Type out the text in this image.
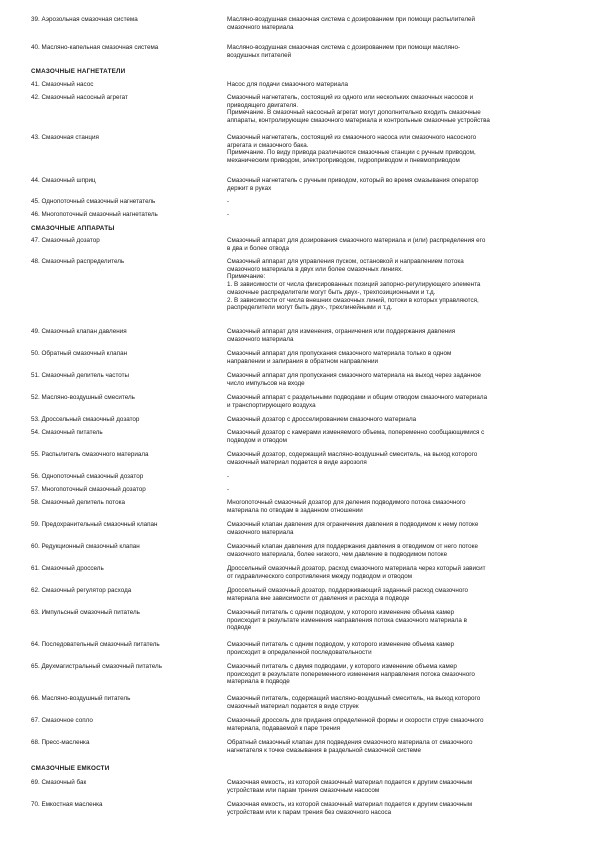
39. Аэрозольная смазочная система	Масляно-воздушная смазочная система с дозированием при помощи распылителей
смазочного материала
40. Масляно-капельная смазочная система	Масляно-воздушная смазочная система с дозированием при помощи масляно-
воздушных питателей
СМАЗОЧНЫЕ НАГНЕТАТЕЛИ
41. Смазочный насос	Насос для подачи смазочного материала
42. Смазочный насосный агрегат	Смазочный нагнетатель, состоящий из одного или нескольких смазочных насосов и
приводящего двигателя.
Примечание. В смазочный насосный агрегат могут дополнительно входить смазочные
аппараты, контролирующие смазочного материала и контрольные смазочные устройства
43. Смазочная станция	Смазочный нагнетатель, состоящий из смазочного насоса или смазочного насосного
агрегата и смазочного бака.
Примечание. По виду привода различаются смазочные станции с ручным приводом,
механическим приводом, электроприводом, гидроприводом и пневмоприводом
44. Смазочный шприц	Смазочный нагнетатель с ручным приводом, который во время смазывания оператор
держит в руках
45. Однопоточный смазочный нагнетатель	-
46. Многопоточный смазочный нагнетатель	-
СМАЗОЧНЫЕ АППАРАТЫ
47. Смазочный дозатор	Смазочный аппарат для дозирования смазочного материала и (или) распределения его
в два и более отвода
48. Смазочный распределитель	Смазочный аппарат для управления пуском, остановкой и направлением потока
смазочного материала в двух или более смазочных линиях.
Примечание:
1. В зависимости от числа фиксированных позиций запорно-регулирующего элемента
смазочные распределители могут быть двух-, трехпозиционными и т.д.
2. В зависимости от числа внешних смазочных линий, потоки в которых управляются,
распределители могут быть двух-, трехлинейными и т.д.
49. Смазочный клапан давления	Смазочный аппарат для изменения, ограничения или поддержания давления
смазочного материала
50. Обратный смазочный клапан	Смазочный аппарат для пропускания смазочного материала только в одном
направлении и запирания в обратном направлении
51. Смазочный делитель частоты	Смазочный аппарат для пропускания смазочного материала на выход через заданное
число импульсов на входе
52. Масляно-воздушный смеситель	Смазочный аппарат с раздельными подводами и общим отводом смазочного материала
и транспортирующего воздуха
53. Дроссельный смазочный дозатор	Смазочный дозатор с дросселированием смазочного материала
54. Смазочный питатель	Смазочный дозатор с камерами изменяемого объема, попеременно сообщающимися с
подводом и отводом
55. Распылитель смазочного материала	Смазочный дозатор, содержащий масляно-воздушный смеситель, на выход которого
смазочный материал подается в виде аэрозоля
56. Однопоточный смазочный дозатор	-
57. Многопоточный смазочный дозатор	-
58. Смазочный делитель потока	Многопоточный смазочный дозатор для деления подводимого потока смазочного
материала по отводам в заданном отношении
59. Предохранительный смазочный клапан	Смазочный клапан давления для ограничения давления в подводимом к нему потоке
смазочного материала
60. Редукционный смазочный клапан	Смазочный клапан давления для поддержания давления в отводимом от него потоке
смазочного материала, более низкого, чем давление в подводимом потоке
61. Смазочный дроссель	Дроссельный смазочный дозатор, расход смазочного материала через который зависит
от гидравлического сопротивления между подводом и отводом
62. Смазочный регулятор расхода	Дроссельный смазочный дозатор, поддерживающий заданный расход смазочного
материала вне зависимости от давления и расхода в подводе
63. Импульсный смазочный питатель	Смазочный питатель с одним подводом, у которого изменение объема камер
происходит в результате изменения направления потока смазочного материала в
подводе
64. Последовательный смазочный питатель	Смазочный питатель с одним подводом, у которого изменение объема камер
происходит в определенной последовательности
65. Двухмагистральный смазочный питатель	Смазочный питатель с двумя подводами, у которого изменение объема камер
происходит в результате попеременного изменения направления потока смазочного
материала в подводе
66. Масляно-воздушный питатель	Смазочный питатель, содержащий масляно-воздушный смеситель, на выход которого
смазочный материал подается в виде струек
67. Смазочное сопло	Смазочный дроссель для придания определенной формы и скорости струе смазочного
материала, подаваемой к паре трения
68. Пресс-масленка	Обратный смазочный клапан для подведения смазочного материала от смазочного
нагнетателя к точке смазывания в раздельной смазочной системе
СМАЗОЧНЫЕ ЕМКОСТИ
69. Смазочный бак	Смазочная емкость, из которой смазочный материал подается к другим смазочным
устройствам или парам трения смазочным насосом
70. Емкостная масленка	Смазочная емкость, из которой смазочный материал подается к другим смазочным
устройствам или к парам трения без смазочного насоса
